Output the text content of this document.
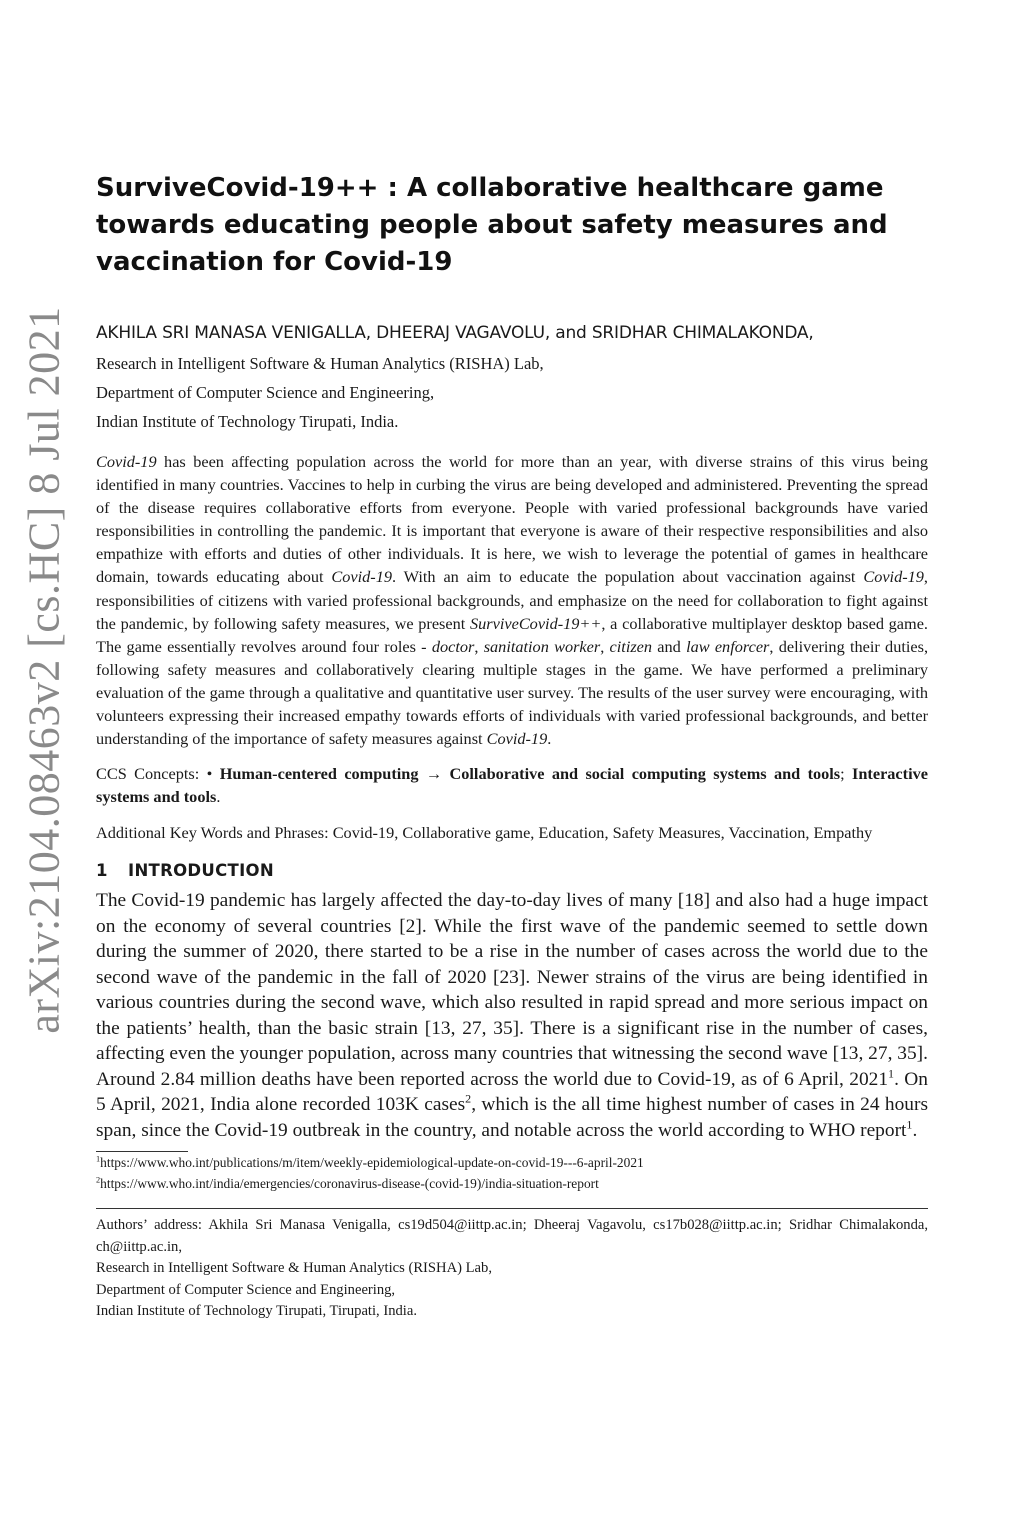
arXiv:2104.08463v2 [cs.HC] 8 Jul 2021
SurviveCovid-19++ : A collaborative healthcare game towards educating people about safety measures and vaccination for Covid-19
AKHILA SRI MANASA VENIGALLA, DHEERAJ VAGAVOLU, and SRIDHAR CHIMALAKONDA,
Research in Intelligent Software & Human Analytics (RISHA) Lab,
Department of Computer Science and Engineering,
Indian Institute of Technology Tirupati, India.

Covid-19 has been affecting population across the world for more than an year, with diverse strains of this virus being identified in many countries. Vaccines to help in curbing the virus are being developed and administered. Preventing the spread of the disease requires collaborative efforts from everyone. People with varied professional backgrounds have varied responsibilities in controlling the pandemic. It is important that everyone is aware of their respective responsibilities and also empathize with efforts and duties of other individuals. It is here, we wish to leverage the potential of games in healthcare domain, towards educating about Covid-19. With an aim to educate the population about vaccination against Covid-19, responsibilities of citizens with varied professional backgrounds, and emphasize on the need for collaboration to fight against the pandemic, by following safety measures, we present SurviveCovid-19++, a collaborative multiplayer desktop based game. The game essentially revolves around four roles - doctor, sanitation worker, citizen and law enforcer, delivering their duties, following safety measures and collaboratively clearing multiple stages in the game. We have performed a preliminary evaluation of the game through a qualitative and quantitative user survey. The results of the user survey were encouraging, with volunteers expressing their increased empathy towards efforts of individuals with varied professional backgrounds, and better understanding of the importance of safety measures against Covid-19.

CCS Concepts: • Human-centered computing → Collaborative and social computing systems and tools; Interactive systems and tools.

Additional Key Words and Phrases: Covid-19, Collaborative game, Education, Safety Measures, Vaccination, Empathy

1 INTRODUCTION

The Covid-19 pandemic has largely affected the day-to-day lives of many [18] and also had a huge impact on the economy of several countries [2]. While the first wave of the pandemic seemed to settle down during the summer of 2020, there started to be a rise in the number of cases across the world due to the second wave of the pandemic in the fall of 2020 [23]. Newer strains of the virus are being identified in various countries during the second wave, which also resulted in rapid spread and more serious impact on the patients’ health, than the basic strain [13, 27, 35]. There is a significant rise in the number of cases, affecting even the younger population, across many countries that witnessing the second wave [13, 27, 35]. Around 2.84 million deaths have been reported across the world due to Covid-19, as of 6 April, 2021$^1$. On 5 April, 2021, India alone recorded 103K cases$^2$, which is the all time highest number of cases in 24 hours span, since the Covid-19 outbreak in the country, and notable across the world according to WHO report$^1$.

$^1$https://www.who.int/publications/m/item/weekly-epidemiological-update-on-covid-19---6-april-2021
$^2$https://www.who.int/india/emergencies/coronavirus-disease-(covid-19)/india-situation-report
Authors’ address: Akhila Sri Manasa Venigalla, cs19d504@iittp.ac.in; Dheeraj Vagavolu, cs17b028@iittp.ac.in; Sridhar Chimalakonda, ch@iittp.ac.in,
Research in Intelligent Software & Human Analytics (RISHA) Lab,
Department of Computer Science and Engineering,
Indian Institute of Technology Tirupati, Tirupati, India.
